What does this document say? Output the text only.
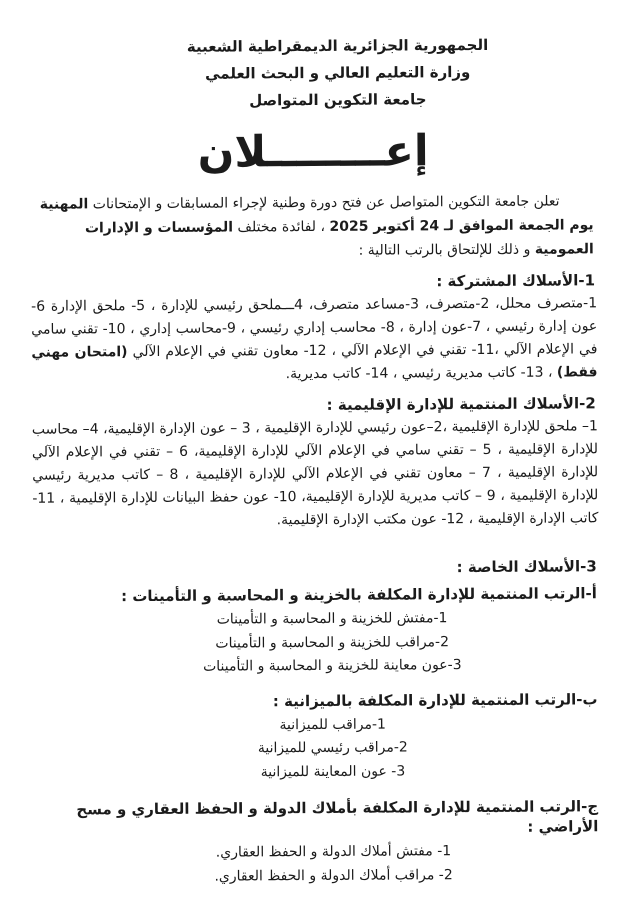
الجمهورية الجزائرية الديمقراطية الشعبية
وزارة التعليم العالي و البحث العلمي
جامعة التكوين المتواصل
إعــــــــلان

تعلن جامعة التكوين المتواصل عن فتح دورة وطنية لإجراء المسابقات و الإمتحانات المهنية يوم الجمعة الموافق لـ 24 أكتوبر 2025 ، لفائدة مختلف المؤسسات و الإدارات العمومية و ذلك للإلتحاق بالرتب التالية :

1-الأسلاك المشتركة :

1-متصرف محلل، 2-متصرف، 3-مساعد متصرف، 4ـــملحق رئيسي للإدارة ، 5- ملحق الإدارة 6-عون إدارة رئيسي ، 7-عون إدارة ، 8- محاسب إداري رئيسي ، 9-محاسب إداري ، 10- تقني سامي في الإعلام الآلي ،11- تقني في الإعلام الآلي ، 12- معاون تقني في الإعلام الآلي (امتحان مهني فقط) ، 13- كاتب مديرية رئيسي ، 14- كاتب مديرية.

2-الأسلاك المنتمية للإدارة الإقليمية :

1– ملحق للإدارة الإقليمية ،2–عون رئيسي للإدارة الإقليمية ، 3 – عون الإدارة الإقليمية، 4– محاسب للإدارة الإقليمية ، 5 – تقني سامي في الإعلام الآلي للإدارة الإقليمية، 6 – تقني في الإعلام الآلي للإدارة الإقليمية ، 7 – معاون تقني في الإعلام الآلي للإدارة الإقليمية ، 8 – كاتب مديرية رئيسي للإدارة الإقليمية ، 9 – كاتب مديرية للإدارة الإقليمية، 10- عون حفظ البيانات للإدارة الإقليمية ، 11- كاتب الإدارة الإقليمية ، 12- عون مكتب الإدارة الإقليمية.

3-الأسلاك الخاصة :
أ-الرتب المنتمية للإدارة المكلفة بالخزينة و المحاسبة و التأمينات :
1-مفتش للخزينة و المحاسبة و التأمينات
2-مراقب للخزينة و المحاسبة و التأمينات
3-عون معاينة للخزينة و المحاسبة و التأمينات
ب-الرتب المنتمية للإدارة المكلفة بالميزانية :
1-مراقب للميزانية
2-مراقب رئيسي للميزانية
3- عون المعاينة للميزانية
ج-الرتب المنتمية للإدارة المكلفة بأملاك الدولة و الحفظ العقاري و مسح الأراضي :
1- مفتش أملاك الدولة و الحفظ العقاري.
2- مراقب أملاك الدولة و الحفظ العقاري.
